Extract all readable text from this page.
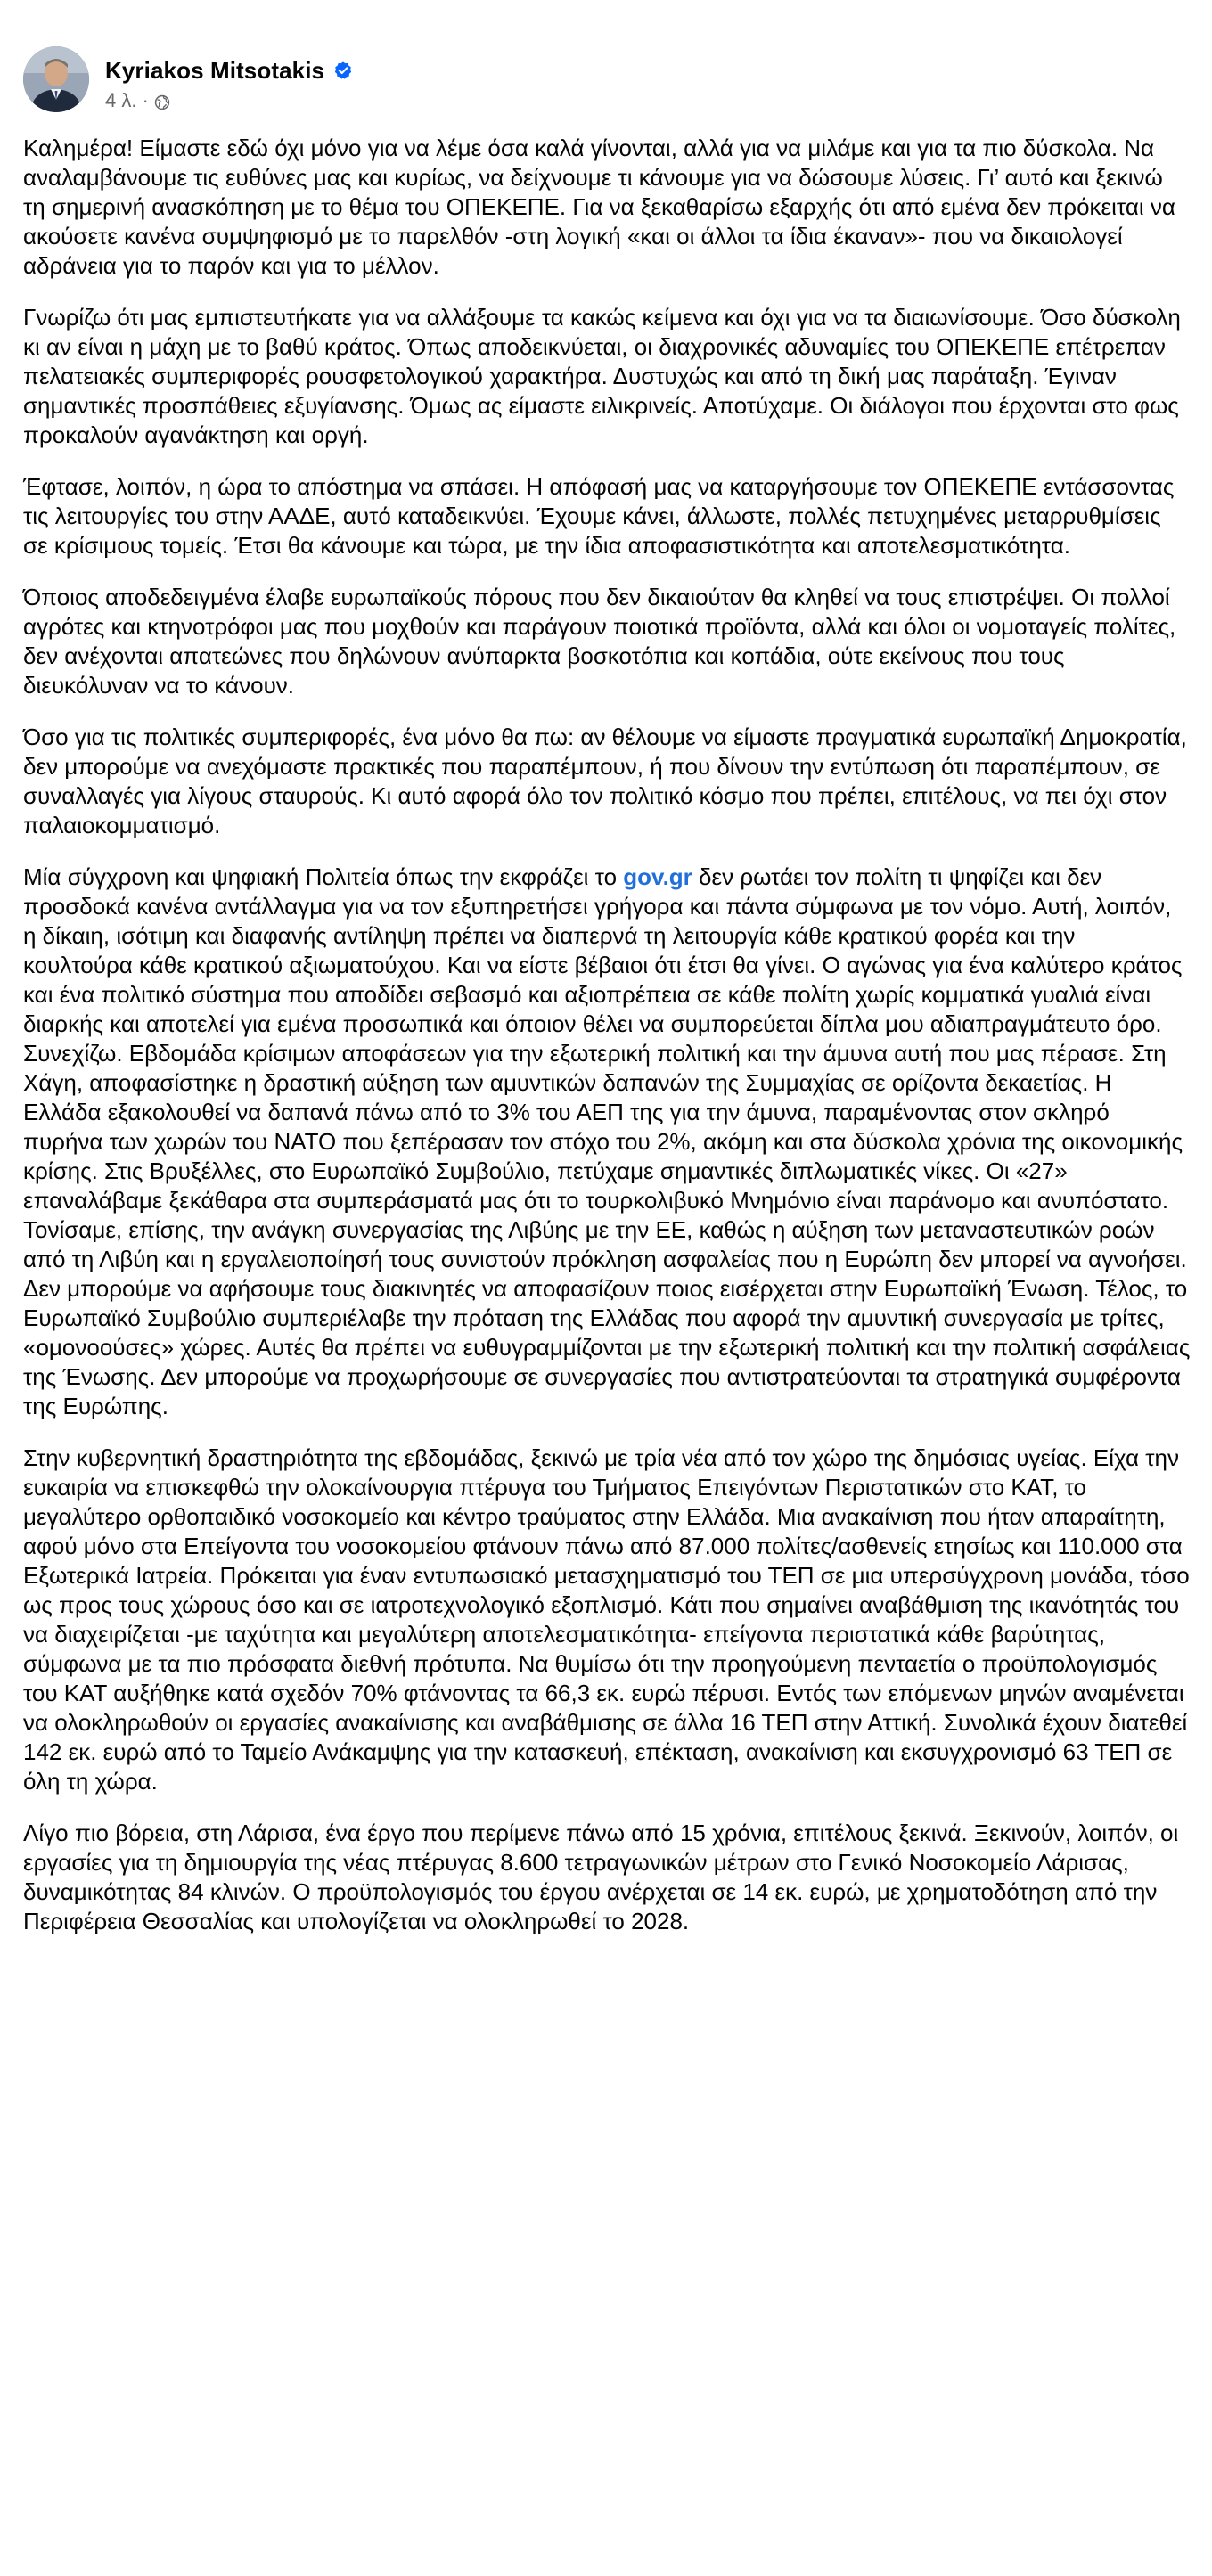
Kyriakos Mitsotakis
4 λ. ·

Καλημέρα! Είμαστε εδώ όχι μόνο για να λέμε όσα καλά γίνονται, αλλά για να μιλάμε και για τα πιο δύσκολα. Να αναλαμβάνουμε τις ευθύνες μας και κυρίως, να δείχνουμε τι κάνουμε για να δώσουμε λύσεις. Γι’ αυτό και ξεκινώ τη σημερινή ανασκόπηση με το θέμα του ΟΠΕΚΕΠΕ. Για να ξεκαθαρίσω εξαρχής ότι από εμένα δεν πρόκειται να ακούσετε κανένα συμψηφισμό με το παρελθόν -στη λογική «και οι άλλοι τα ίδια έκαναν»- που να δικαιολογεί αδράνεια για το παρόν και για το μέλλον.

Γνωρίζω ότι μας εμπιστευτήκατε για να αλλάξουμε τα κακώς κείμενα και όχι για να τα διαιωνίσουμε. Όσο δύσκολη κι αν είναι η μάχη με το βαθύ κράτος. Όπως αποδεικνύεται, οι διαχρονικές αδυναμίες του ΟΠΕΚΕΠΕ επέτρεπαν πελατειακές συμπεριφορές ρουσφετολογικού χαρακτήρα. Δυστυχώς και από τη δική μας παράταξη. Έγιναν σημαντικές προσπάθειες εξυγίανσης. Όμως ας είμαστε ειλικρινείς. Αποτύχαμε. Οι διάλογοι που έρχονται στο φως προκαλούν αγανάκτηση και οργή.

Έφτασε, λοιπόν, η ώρα το απόστημα να σπάσει. Η απόφασή μας να καταργήσουμε τον ΟΠΕΚΕΠΕ εντάσσοντας τις λειτουργίες του στην ΑΑΔΕ, αυτό καταδεικνύει. Έχουμε κάνει, άλλωστε, πολλές πετυχημένες μεταρρυθμίσεις σε κρίσιμους τομείς. Έτσι θα κάνουμε και τώρα, με την ίδια αποφασιστικότητα και αποτελεσματικότητα.

Όποιος αποδεδειγμένα έλαβε ευρωπαϊκούς πόρους που δεν δικαιούταν θα κληθεί να τους επιστρέψει. Οι πολλοί αγρότες και κτηνοτρόφοι μας που μοχθούν και παράγουν ποιοτικά προϊόντα, αλλά και όλοι οι νομοταγείς πολίτες, δεν ανέχονται απατεώνες που δηλώνουν ανύπαρκτα βοσκοτόπια και κοπάδια, ούτε εκείνους που τους διευκόλυναν να το κάνουν.

Όσο για τις πολιτικές συμπεριφορές, ένα μόνο θα πω: αν θέλουμε να είμαστε πραγματικά ευρωπαϊκή Δημοκρατία, δεν μπορούμε να ανεχόμαστε πρακτικές που παραπέμπουν, ή που δίνουν την εντύπωση ότι παραπέμπουν, σε συναλλαγές για λίγους σταυρούς. Κι αυτό αφορά όλο τον πολιτικό κόσμο που πρέπει, επιτέλους, να πει όχι στον παλαιοκομματισμό.

Μία σύγχρονη και ψηφιακή Πολιτεία όπως την εκφράζει το gov.gr δεν ρωτάει τον πολίτη τι ψηφίζει και δεν προσδοκά κανένα αντάλλαγμα για να τον εξυπηρετήσει γρήγορα και πάντα σύμφωνα με τον νόμο. Αυτή, λοιπόν, η δίκαιη, ισότιμη και διαφανής αντίληψη πρέπει να διαπερνά τη λειτουργία κάθε κρατικού φορέα και την κουλτούρα κάθε κρατικού αξιωματούχου. Και να είστε βέβαιοι ότι έτσι θα γίνει. Ο αγώνας για ένα καλύτερο κράτος και ένα πολιτικό σύστημα που αποδίδει σεβασμό και αξιοπρέπεια σε κάθε πολίτη χωρίς κομματικά γυαλιά είναι διαρκής και αποτελεί για εμένα προσωπικά και όποιον θέλει να συμπορεύεται δίπλα μου αδιαπραγμάτευτο όρο.

Συνεχίζω. Εβδομάδα κρίσιμων αποφάσεων για την εξωτερική πολιτική και την άμυνα αυτή που μας πέρασε. Στη Χάγη, αποφασίστηκε η δραστική αύξηση των αμυντικών δαπανών της Συμμαχίας σε ορίζοντα δεκαετίας. Η Ελλάδα εξακολουθεί να δαπανά πάνω από το 3% του ΑΕΠ της για την άμυνα, παραμένοντας στον σκληρό πυρήνα των χωρών του ΝΑΤΟ που ξεπέρασαν τον στόχο του 2%, ακόμη και στα δύσκολα χρόνια της οικονομικής κρίσης. Στις Βρυξέλλες, στο Ευρωπαϊκό Συμβούλιο, πετύχαμε σημαντικές διπλωματικές νίκες. Οι «27» επαναλάβαμε ξεκάθαρα στα συμπεράσματά μας ότι το τουρκολιβυκό Μνημόνιο είναι παράνομο και ανυπόστατο. Τονίσαμε, επίσης, την ανάγκη συνεργασίας της Λιβύης με την ΕΕ, καθώς η αύξηση των μεταναστευτικών ροών από τη Λιβύη και η εργαλειοποίησή τους συνιστούν πρόκληση ασφαλείας που η Ευρώπη δεν μπορεί να αγνοήσει. Δεν μπορούμε να αφήσουμε τους διακινητές να αποφασίζουν ποιος εισέρχεται στην Ευρωπαϊκή Ένωση. Τέλος, το Ευρωπαϊκό Συμβούλιο συμπεριέλαβε την πρόταση της Ελλάδας που αφορά την αμυντική συνεργασία με τρίτες, «ομονοούσες» χώρες. Αυτές θα πρέπει να ευθυγραμμίζονται με την εξωτερική πολιτική και την πολιτική ασφάλειας της Ένωσης. Δεν μπορούμε να προχωρήσουμε σε συνεργασίες που αντιστρατεύονται τα στρατηγικά συμφέροντα της Ευρώπης.

Στην κυβερνητική δραστηριότητα της εβδομάδας, ξεκινώ με τρία νέα από τον χώρο της δημόσιας υγείας. Είχα την ευκαιρία να επισκεφθώ την ολοκαίνουργια πτέρυγα του Τμήματος Επειγόντων Περιστατικών στο ΚΑΤ, το μεγαλύτερο ορθοπαιδικό νοσοκομείο και κέντρο τραύματος στην Ελλάδα. Μια ανακαίνιση που ήταν απαραίτητη, αφού μόνο στα Επείγοντα του νοσοκομείου φτάνουν πάνω από 87.000 πολίτες/ασθενείς ετησίως και 110.000 στα Εξωτερικά Ιατρεία. Πρόκειται για έναν εντυπωσιακό μετασχηματισμό του ΤΕΠ σε μια υπερσύγχρονη μονάδα, τόσο ως προς τους χώρους όσο και σε ιατροτεχνολογικό εξοπλισμό. Κάτι που σημαίνει αναβάθμιση της ικανότητάς του να διαχειρίζεται -με ταχύτητα και μεγαλύτερη αποτελεσματικότητα- επείγοντα περιστατικά κάθε βαρύτητας, σύμφωνα με τα πιο πρόσφατα διεθνή πρότυπα. Να θυμίσω ότι την προηγούμενη πενταετία ο προϋπολογισμός του ΚΑΤ αυξήθηκε κατά σχεδόν 70% φτάνοντας τα 66,3 εκ. ευρώ πέρυσι. Εντός των επόμενων μηνών αναμένεται να ολοκληρωθούν οι εργασίες ανακαίνισης και αναβάθμισης σε άλλα 16 ΤΕΠ στην Αττική. Συνολικά έχουν διατεθεί 142 εκ. ευρώ από το Ταμείο Ανάκαμψης για την κατασκευή, επέκταση, ανακαίνιση και εκσυγχρονισμό 63 ΤΕΠ σε όλη τη χώρα.

Λίγο πιο βόρεια, στη Λάρισα, ένα έργο που περίμενε πάνω από 15 χρόνια, επιτέλους ξεκινά. Ξεκινούν, λοιπόν, οι εργασίες για τη δημιουργία της νέας πτέρυγας 8.600 τετραγωνικών μέτρων στο Γενικό Νοσοκομείο Λάρισας, δυναμικότητας 84 κλινών. Ο προϋπολογισμός του έργου ανέρχεται σε 14 εκ. ευρώ, με χρηματοδότηση από την Περιφέρεια Θεσσαλίας και υπολογίζεται να ολοκληρωθεί το 2028.
